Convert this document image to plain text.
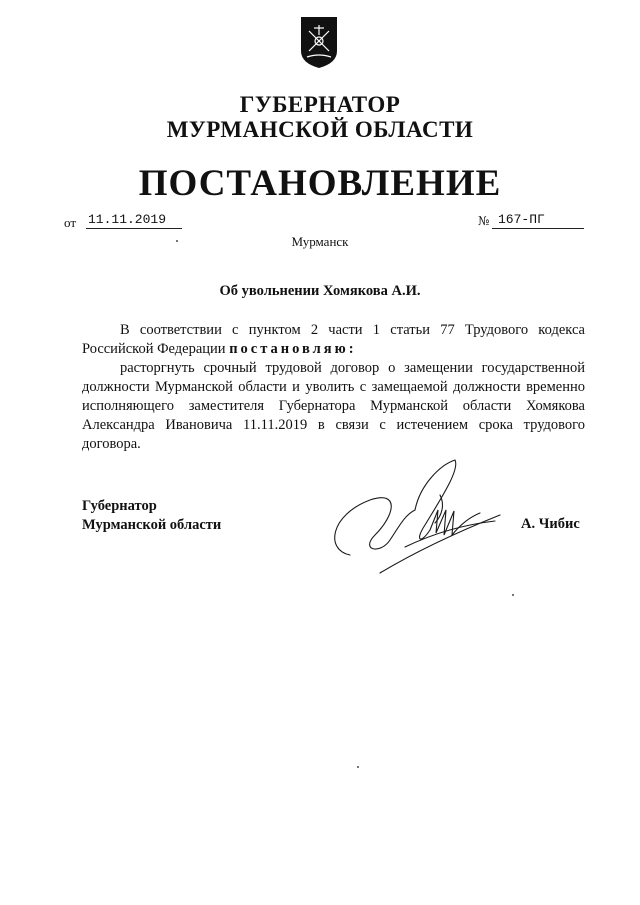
ГУБЕРНАТОР
МУРМАНСКОЙ ОБЛАСТИ
ПОСТАНОВЛЕНИЕ
от 11.11.2019	№ 167-ПГ
Мурманск
Об увольнении Хомякова А.И.

В соответствии с пунктом 2 части 1 статьи 77 Трудового кодекса Российской Федерации постановляю:

расторгнуть срочный трудовой договор о замещении государственной должности Мурманской области и уволить с замещаемой должности временно исполняющего заместителя Губернатора Мурманской области Хомякова Александра Ивановича 11.11.2019 в связи с истечением срока трудового договора.

Губернатор
Мурманской области	А. Чибис
